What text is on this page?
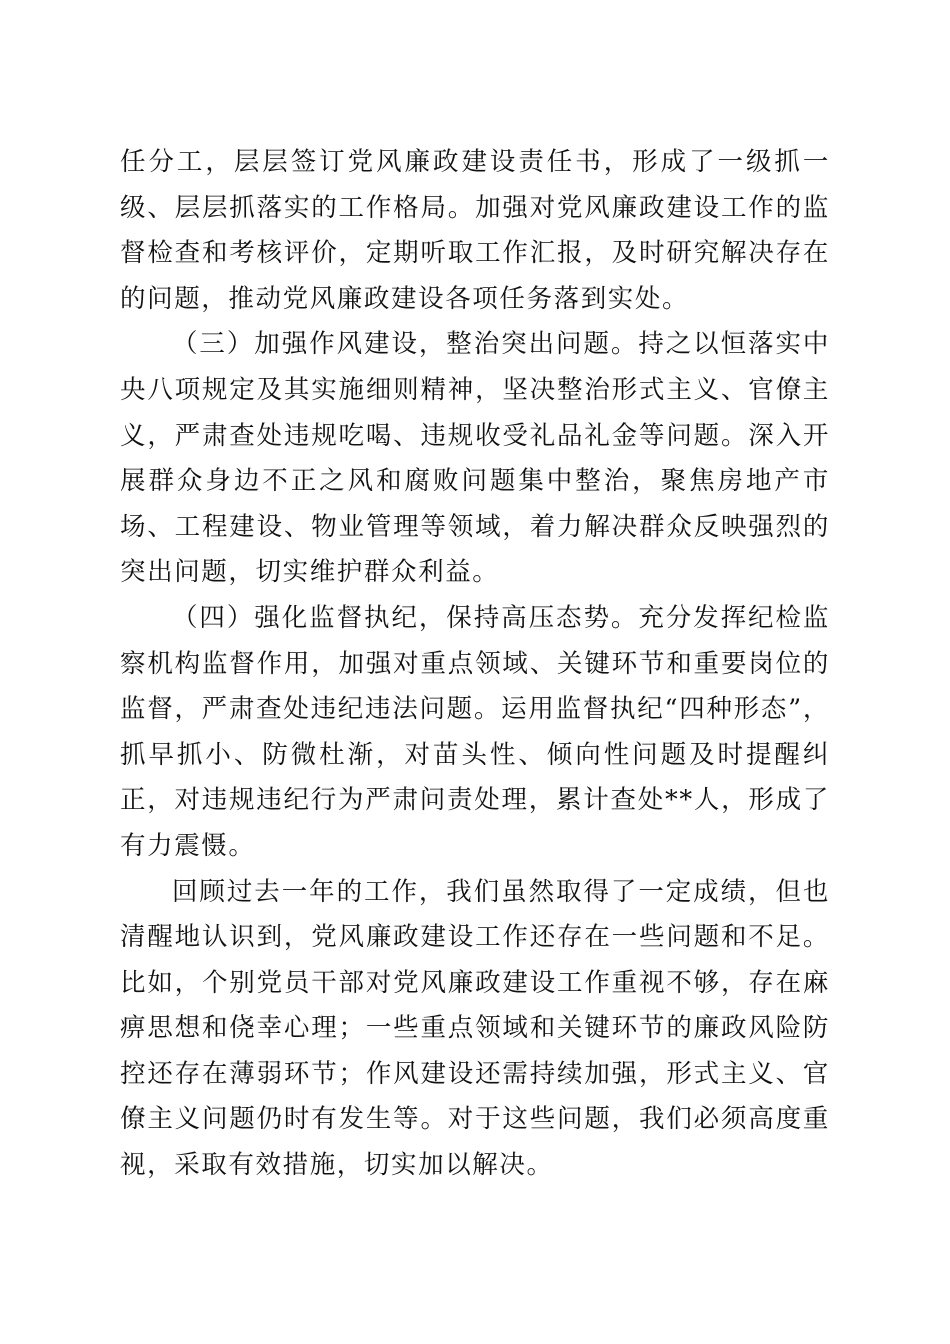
任分工，层层签订党风廉政建设责任书，形成了一级抓一级、层层抓落实的工作格局。加强对党风廉政建设工作的监督检查和考核评价，定期听取工作汇报，及时研究解决存在的问题，推动党风廉政建设各项任务落到实处。

（三）加强作风建设，整治突出问题。持之以恒落实中央八项规定及其实施细则精神，坚决整治形式主义、官僚主义，严肃查处违规吃喝、违规收受礼品礼金等问题。深入开展群众身边不正之风和腐败问题集中整治，聚焦房地产市场、工程建设、物业管理等领域，着力解决群众反映强烈的突出问题，切实维护群众利益。

（四）强化监督执纪，保持高压态势。充分发挥纪检监察机构监督作用，加强对重点领域、关键环节和重要岗位的监督，严肃查处违纪违法问题。运用监督执纪“四种形态”，抓早抓小、防微杜渐，对苗头性、倾向性问题及时提醒纠正，对违规违纪行为严肃问责处理，累计查处**人，形成了有力震慑。

回顾过去一年的工作，我们虽然取得了一定成绩，但也清醒地认识到，党风廉政建设工作还存在一些问题和不足。比如，个别党员干部对党风廉政建设工作重视不够，存在麻痹思想和侥幸心理；一些重点领域和关键环节的廉政风险防控还存在薄弱环节；作风建设还需持续加强，形式主义、官僚主义问题仍时有发生等。对于这些问题，我们必须高度重视，采取有效措施，切实加以解决。
